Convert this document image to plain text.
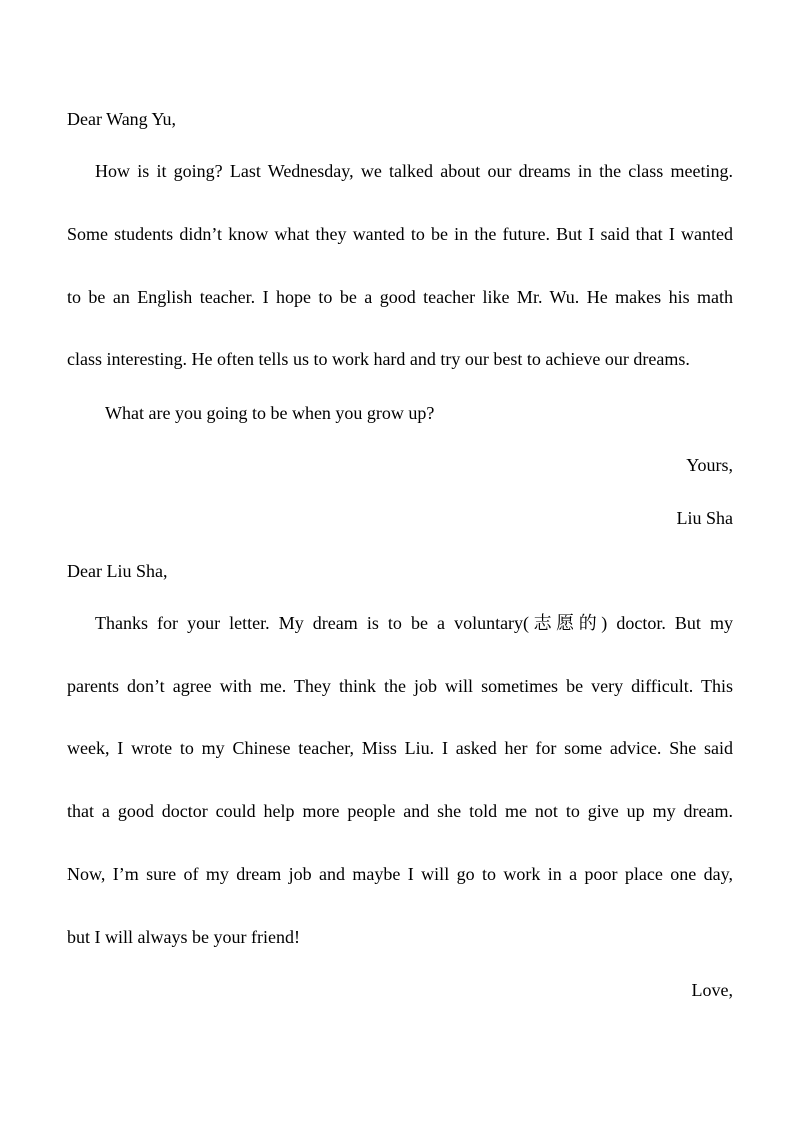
Dear Wang Yu,
How is it going? Last Wednesday, we talked about our dreams in the class meeting.
Some students didn’t know what they wanted to be in the future. But I said that I wanted
to be an English teacher. I hope to be a good teacher like Mr. Wu. He makes his math
class interesting. He often tells us to work hard and try our best to achieve our dreams.
What are you going to be when you grow up?
Yours,
Liu Sha
Dear Liu Sha,
Thanks for your letter. My dream is to be a voluntary(志愿的) doctor. But my
parents don’t agree with me. They think the job will sometimes be very difficult. This
week, I wrote to my Chinese teacher, Miss Liu. I asked her for some advice. She said
that a good doctor could help more people and she told me not to give up my dream.
Now, I’m sure of my dream job and maybe I will go to work in a poor place one day,
but I will always be your friend!
Love,
